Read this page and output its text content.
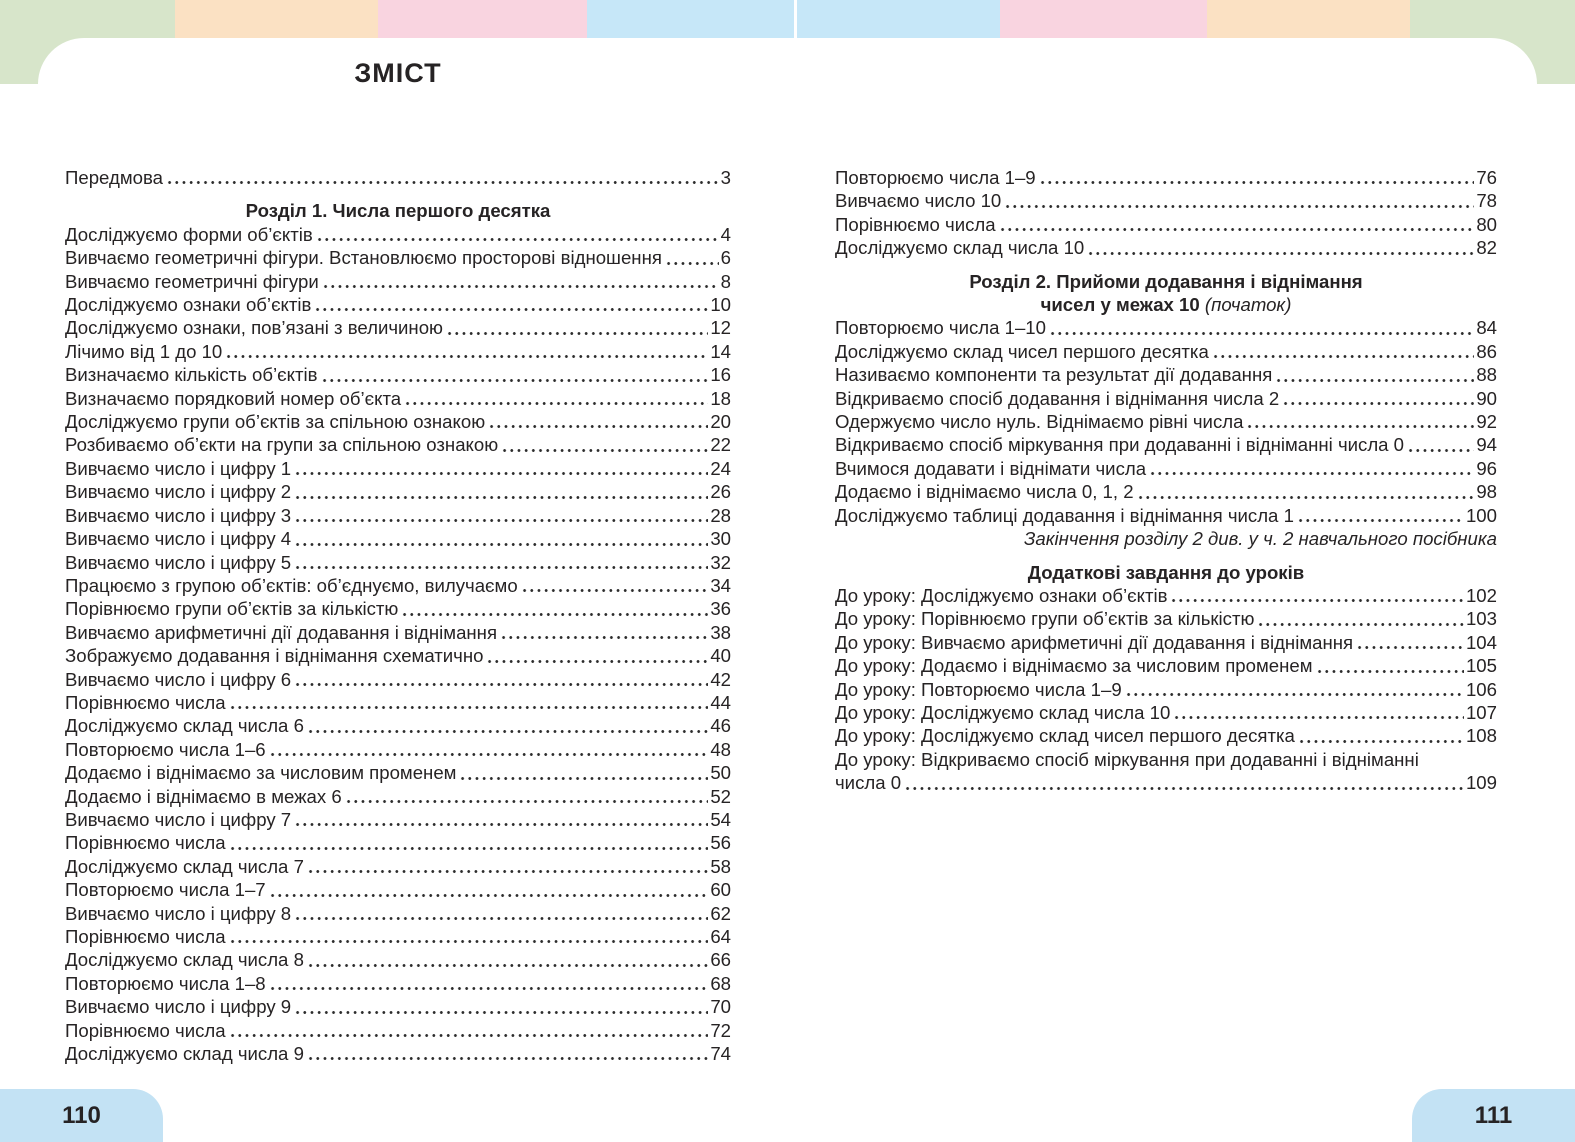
ЗМІСТ
Передмова	3
Розділ 1. Числа першого десятка
Досліджуємо форми об’єктів	4
Вивчаємо геометричні фігури. Встановлюємо просторові відношення	6
Вивчаємо геометричні фігури	8
Досліджуємо ознаки об’єктів	10
Досліджуємо ознаки, пов’язані з величиною	12
Лічимо від 1 до 10	14
Визначаємо кількість об’єктів	16
Визначаємо порядковий номер об’єкта	18
Досліджуємо групи об’єктів за спільною ознакою	20
Розбиваємо об’єкти на групи за спільною ознакою	22
Вивчаємо число і цифру 1	24
Вивчаємо число і цифру 2	26
Вивчаємо число і цифру 3	28
Вивчаємо число і цифру 4	30
Вивчаємо число і цифру 5	32
Працюємо з групою об’єктів: об’єднуємо, вилучаємо	34
Порівнюємо групи об’єктів за кількістю	36
Вивчаємо арифметичні дії додавання і віднімання	38
Зображуємо додавання і віднімання схематично	40
Вивчаємо число і цифру 6	42
Порівнюємо числа	44
Досліджуємо склад числа 6	46
Повторюємо числа 1–6	48
Додаємо і віднімаємо за числовим променем	50
Додаємо і віднімаємо в межах 6	52
Вивчаємо число і цифру 7	54
Порівнюємо числа	56
Досліджуємо склад числа 7	58
Повторюємо числа 1–7	60
Вивчаємо число і цифру 8	62
Порівнюємо числа	64
Досліджуємо склад числа 8	66
Повторюємо числа 1–8	68
Вивчаємо число і цифру 9	70
Порівнюємо числа	72
Досліджуємо склад числа 9	74
Повторюємо числа 1–9	76
Вивчаємо число 10	78
Порівнюємо числа	80
Досліджуємо склад числа 10	82
Розділ 2. Прийоми додавання і віднімання
чисел у межах 10 (початок)
Повторюємо числа 1–10	84
Досліджуємо склад чисел першого десятка	86
Називаємо компоненти та результат дії додавання	88
Відкриваємо спосіб додавання і віднімання числа 2	90
Одержуємо число нуль. Віднімаємо рівні числа	92
Відкриваємо спосіб міркування при додаванні і відніманні числа 0	94
Вчимося додавати і віднімати числа	96
Додаємо і віднімаємо числа 0, 1, 2	98
Досліджуємо таблиці додавання і віднімання числа 1	100
Закінчення розділу 2 див. у ч. 2 навчального посібника
Додаткові завдання до уроків
До уроку: Досліджуємо ознаки об’єктів	102
До уроку: Порівнюємо групи об’єктів за кількістю	103
До уроку: Вивчаємо арифметичні дії додавання і віднімання	104
До уроку: Додаємо і віднімаємо за числовим променем	105
До уроку: Повторюємо числа 1–9	106
До уроку: Досліджуємо склад числа 10	107
До уроку: Досліджуємо склад чисел першого десятка	108
До уроку: Відкриваємо спосіб міркування при додаванні і відніманні
числа 0	109
110	111
